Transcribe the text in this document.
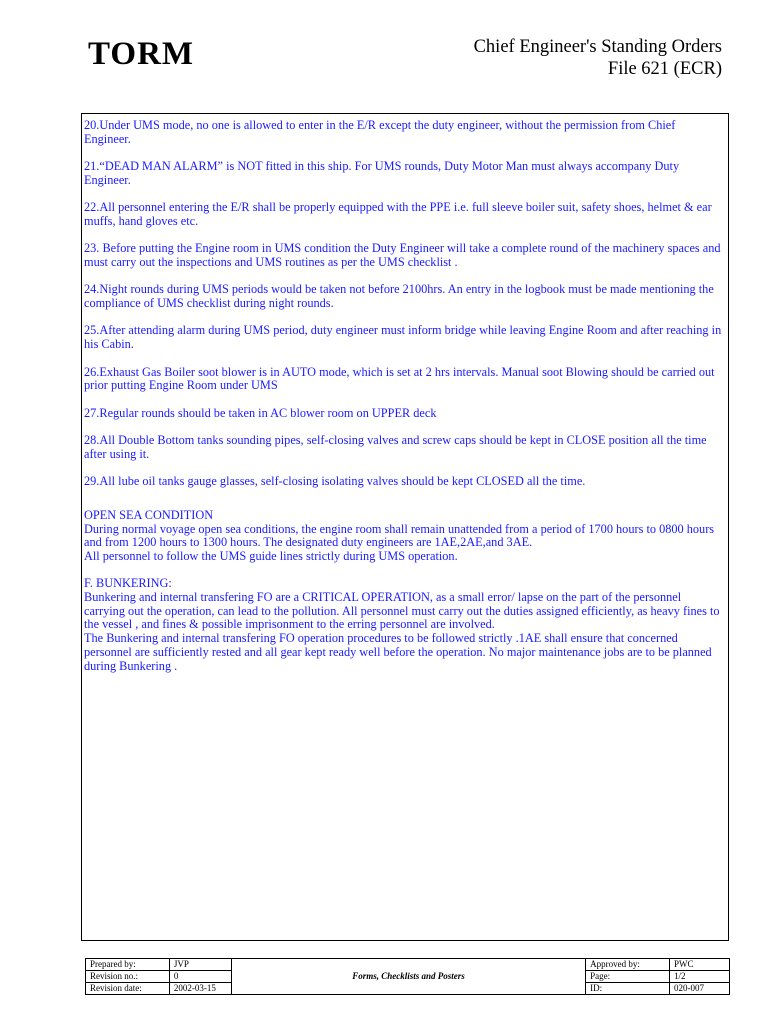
TORM	Chief Engineer's Standing Orders
File 621 (ECR)

20.Under UMS mode, no one is allowed to enter in the E/R except the duty engineer, without the permission from Chief Engineer.

21.“DEAD MAN ALARM” is NOT fitted in this ship. For UMS rounds, Duty Motor Man must always accompany Duty Engineer.

22.All personnel entering the E/R shall be properly equipped with the PPE i.e. full sleeve boiler suit, safety shoes, helmet & ear muffs, hand gloves etc.

23. Before putting the Engine room in UMS condition the Duty Engineer will take a complete round of the machinery spaces and must carry out the inspections and UMS routines as per the UMS checklist .

24.Night rounds during UMS periods would be taken not before 2100hrs. An entry in the logbook must be made mentioning the compliance of UMS checklist during night rounds.

25.After attending alarm during UMS period, duty engineer must inform bridge while leaving Engine Room and after reaching in his Cabin.

26.Exhaust Gas Boiler soot blower is in AUTO mode, which is set at 2 hrs intervals. Manual soot Blowing should be carried out prior putting Engine Room under UMS

27.Regular rounds should be taken in AC blower room on UPPER deck

28.All Double Bottom tanks sounding pipes, self-closing valves and screw caps should be kept in CLOSE position all the time after using it.

29.All lube oil tanks gauge glasses, self-closing isolating valves should be kept CLOSED all the time.

OPEN SEA CONDITION
During normal voyage open sea conditions, the engine room shall remain unattended from a period of 1700 hours to 0800 hours and from 1200 hours to 1300 hours. The designated duty engineers are 1AE,2AE,and 3AE.
All personnel to follow the UMS guide lines strictly during UMS operation.
F. BUNKERING:
Bunkering and internal transfering FO are a CRITICAL OPERATION, as a small error/ lapse on the part of the personnel carrying out the operation, can lead to the pollution. All personnel must carry out the duties assigned efficiently, as heavy fines to the vessel , and fines & possible imprisonment to the erring personnel are involved.
The Bunkering and internal transfering FO operation procedures to be followed strictly .1AE shall ensure that concerned personnel are sufficiently rested and all gear kept ready well before the operation. No major maintenance jobs are to be planned during Bunkering .
Prepared by:	JVP	Forms, Checklists and Posters	Approved by:	PWC
Revision no.:	0		Page:	1/2
Revision date:	2002-03-15		ID:	020-007
